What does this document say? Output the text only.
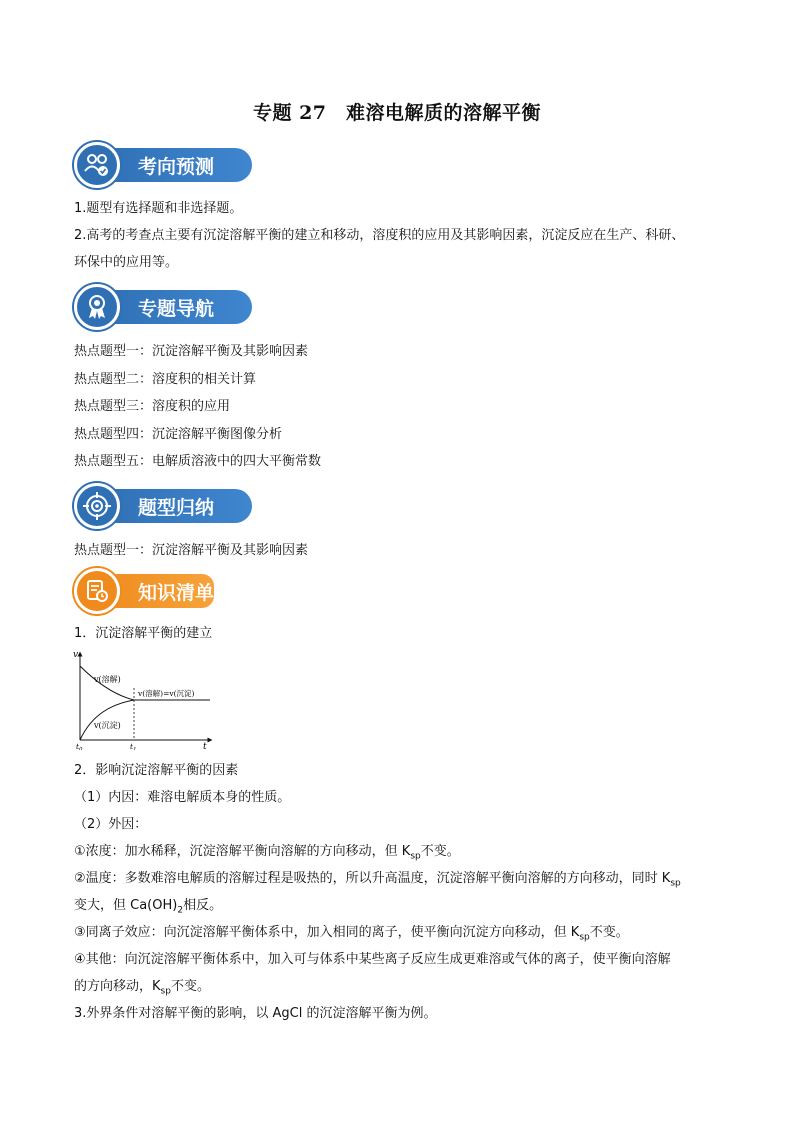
专题 27　难溶电解质的溶解平衡
考向预测
1.题型有选择题和非选择题。
2.高考的考查点主要有沉淀溶解平衡的建立和移动，溶度积的应用及其影响因素，沉淀反应在生产、科研、
环保中的应用等。
专题导航
热点题型一：沉淀溶解平衡及其影响因素
热点题型二：溶度积的相关计算
热点题型三：溶度积的应用
热点题型四：沉淀溶解平衡图像分析
热点题型五：电解质溶液中的四大平衡常数
题型归纳
热点题型一：沉淀溶解平衡及其影响因素
知识清单
1．沉淀溶解平衡的建立
v
t
v(溶解)
v(沉淀)
v(溶解)=v(沉淀)
$t_0$	$t_1$
2．影响沉淀溶解平衡的因素
（1）内因：难溶电解质本身的性质。
（2）外因：
①浓度：加水稀释，沉淀溶解平衡向溶解的方向移动，但 $K_{sp}$不变。
②温度：多数难溶电解质的溶解过程是吸热的，所以升高温度，沉淀溶解平衡向溶解的方向移动，同时 $K_{sp}$
变大，但 $Ca(OH)_2$相反。
③同离子效应：向沉淀溶解平衡体系中，加入相同的离子，使平衡向沉淀方向移动，但 $K_{sp}$不变。
④其他：向沉淀溶解平衡体系中，加入可与体系中某些离子反应生成更难溶或气体的离子，使平衡向溶解
的方向移动，$K_{sp}$不变。
3.外界条件对溶解平衡的影响，以 AgCl 的沉淀溶解平衡为例。
